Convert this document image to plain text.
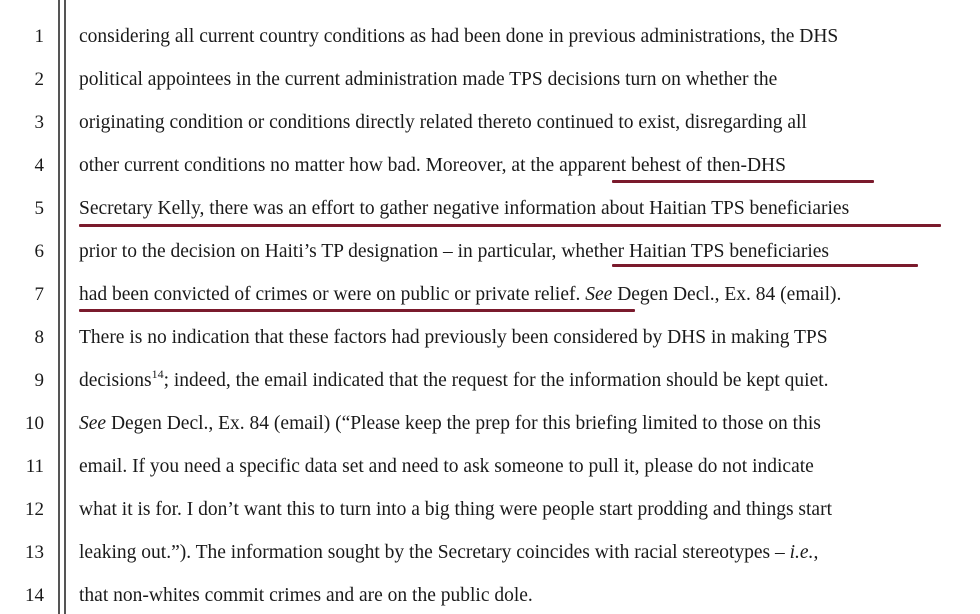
1
2
3
4
5
6
7
8
9
10
11
12
13
14
considering all current country conditions as had been done in previous administrations, the DHS
political appointees in the current administration made TPS decisions turn on whether the
originating condition or conditions directly related thereto continued to exist, disregarding all
other current conditions no matter how bad. Moreover, at the apparent behest of then-DHS
Secretary Kelly, there was an effort to gather negative information about Haitian TPS beneficiaries
prior to the decision on Haiti’s TP designation – in particular, whether Haitian TPS beneficiaries
had been convicted of crimes or were on public or private relief. See Degen Decl., Ex. 84 (email).
There is no indication that these factors had previously been considered by DHS in making TPS
decisions$^{14}$; indeed, the email indicated that the request for the information should be kept quiet.
See Degen Decl., Ex. 84 (email) (“Please keep the prep for this briefing limited to those on this
email. If you need a specific data set and need to ask someone to pull it, please do not indicate
what it is for. I don’t want this to turn into a big thing were people start prodding and things start
leaking out.”). The information sought by the Secretary coincides with racial stereotypes – i.e.,
that non-whites commit crimes and are on the public dole.
